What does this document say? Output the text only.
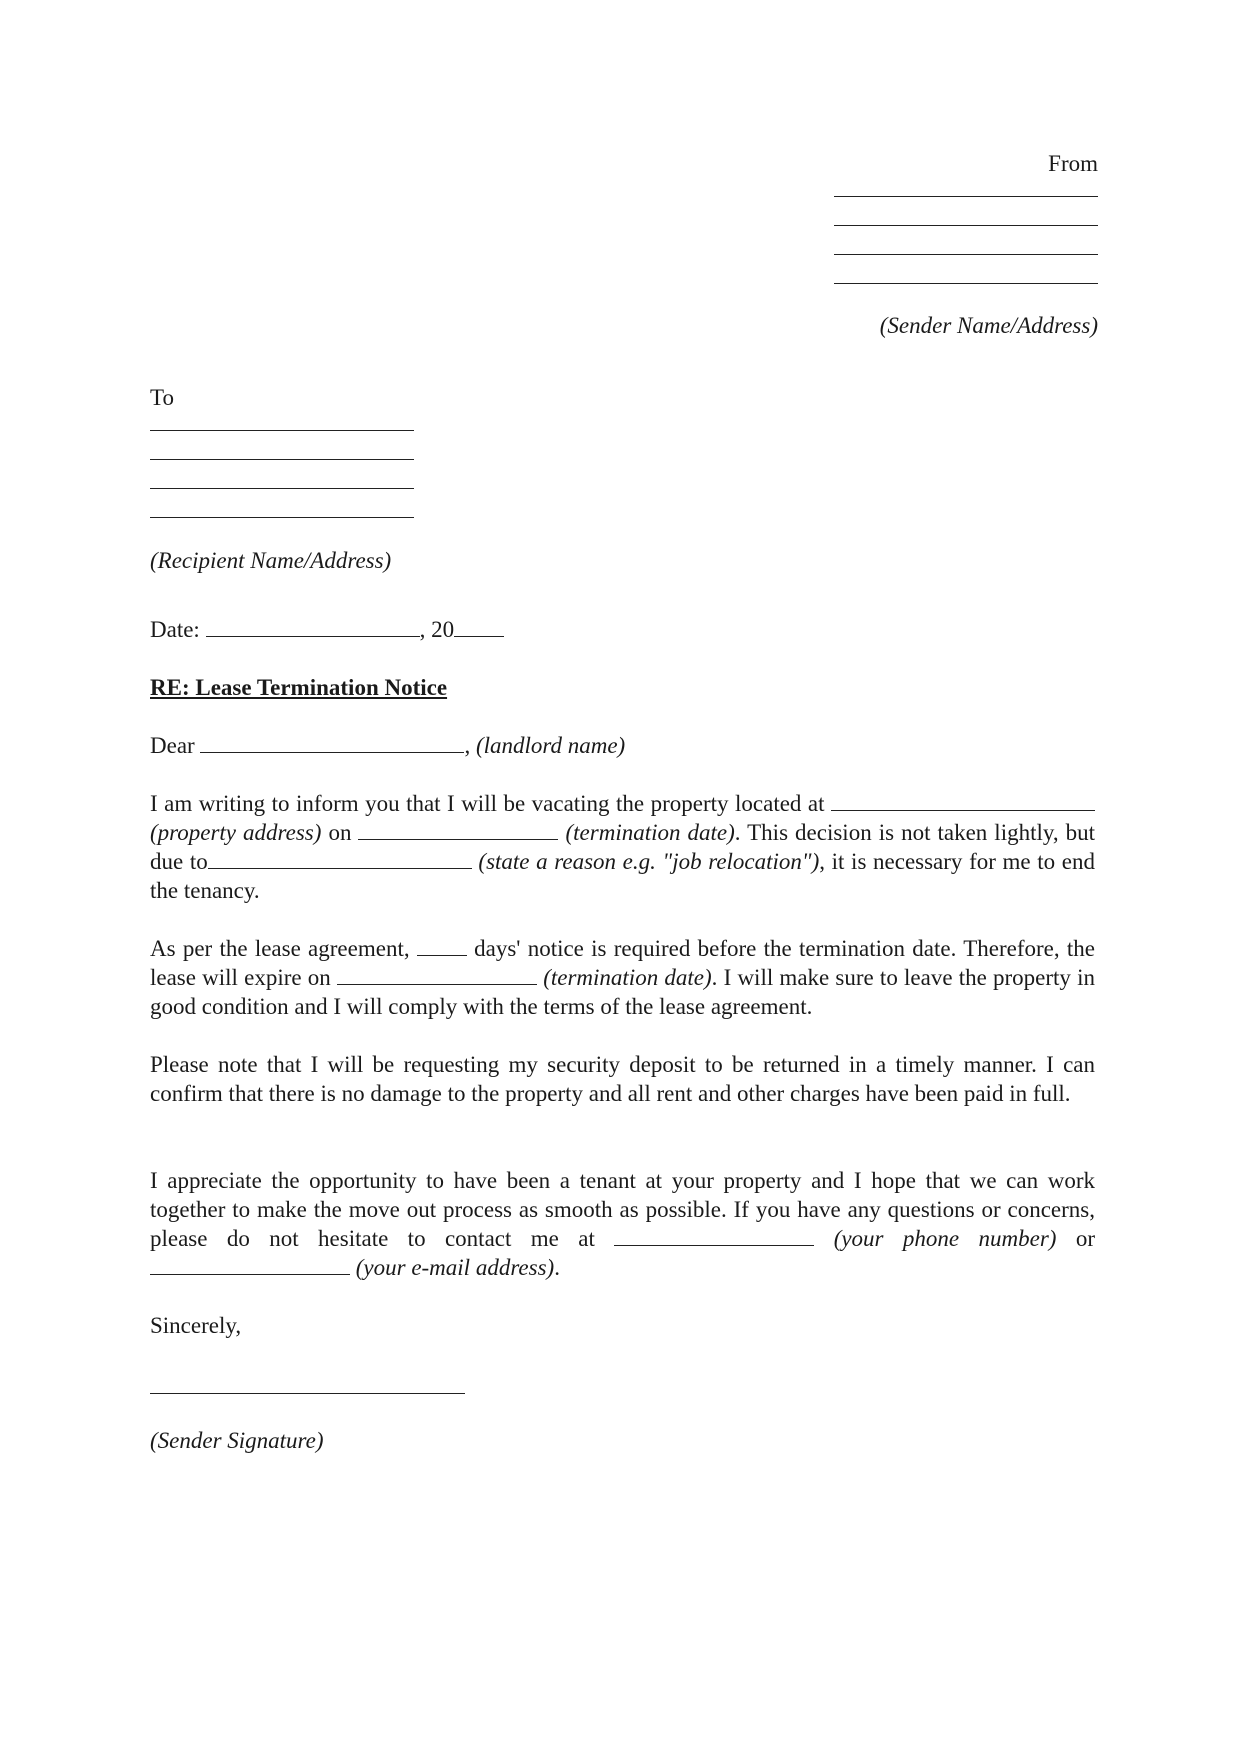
From
(Sender Name/Address)
To
(Recipient Name/Address)
Date:	, 20
RE: Lease Termination Notice
Dear	, (landlord name)
I am writing to inform you that I will be vacating the property located at  (property address) on	(termination date). This decision is not taken lightly, but due to	(state a reason e.g. "job relocation"), it is necessary for me to end the tenancy.
As per the lease agreement,	days' notice is required before the termination date. Therefore, the lease will expire on	(termination date). I will make sure to leave the property in good condition and I will comply with the terms of the lease agreement.
Please note that I will be requesting my security deposit to be returned in a timely manner. I can confirm that there is no damage to the property and all rent and other charges have been paid in full.
I appreciate the opportunity to have been a tenant at your property and I hope that we can work together to make the move out process as smooth as possible. If you have any questions or concerns, please do not hesitate to contact me at	(your phone number) or  (your e-mail address).
Sincerely,
(Sender Signature)
